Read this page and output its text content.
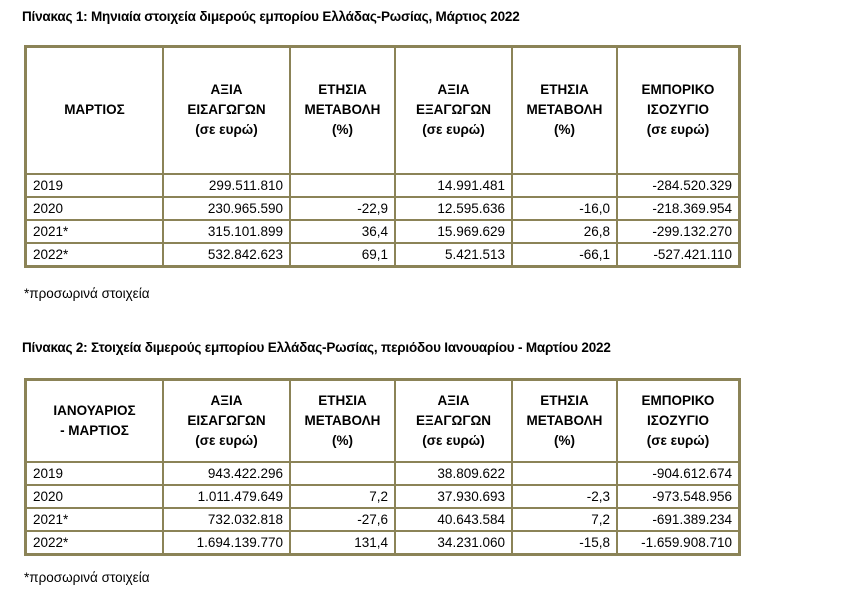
Πίνακας 1: Μηνιαία στοιχεία διμερούς εμπορίου Ελλάδας-Ρωσίας, Μάρτιος 2022
ΜΑΡΤΙΟΣ	ΑΞΙΑ
ΕΙΣΑΓΩΓΩΝ
(σε ευρώ)	ΕΤΗΣΙΑ
ΜΕΤΑΒΟΛΗ
(%)	ΑΞΙΑ
ΕΞΑΓΩΓΩΝ
(σε ευρώ)	ΕΤΗΣΙΑ
ΜΕΤΑΒΟΛΗ
(%)	ΕΜΠΟΡΙΚΟ
ΙΣΟΖΥΓΙΟ
(σε ευρώ)
2019	299.511.810		14.991.481		-284.520.329
2020	230.965.590	-22,9	12.595.636	-16,0	-218.369.954
2021*	315.101.899	36,4	15.969.629	26,8	-299.132.270
2022*	532.842.623	69,1	5.421.513	-66,1	-527.421.110
*προσωρινά στοιχεία
Πίνακας 2: Στοιχεία διμερούς εμπορίου Ελλάδας-Ρωσίας, περιόδου Ιανουαρίου - Μαρτίου 2022
ΙΑΝΟΥΑΡΙΟΣ
- ΜΑΡΤΙΟΣ	ΑΞΙΑ
ΕΙΣΑΓΩΓΩΝ
(σε ευρώ)	ΕΤΗΣΙΑ
ΜΕΤΑΒΟΛΗ
(%)	ΑΞΙΑ
ΕΞΑΓΩΓΩΝ
(σε ευρώ)	ΕΤΗΣΙΑ
ΜΕΤΑΒΟΛΗ
(%)	ΕΜΠΟΡΙΚΟ
ΙΣΟΖΥΓΙΟ
(σε ευρώ)
2019	943.422.296		38.809.622		-904.612.674
2020	1.011.479.649	7,2	37.930.693	-2,3	-973.548.956
2021*	732.032.818	-27,6	40.643.584	7,2	-691.389.234
2022*	1.694.139.770	131,4	34.231.060	-15,8	-1.659.908.710
*προσωρινά στοιχεία
